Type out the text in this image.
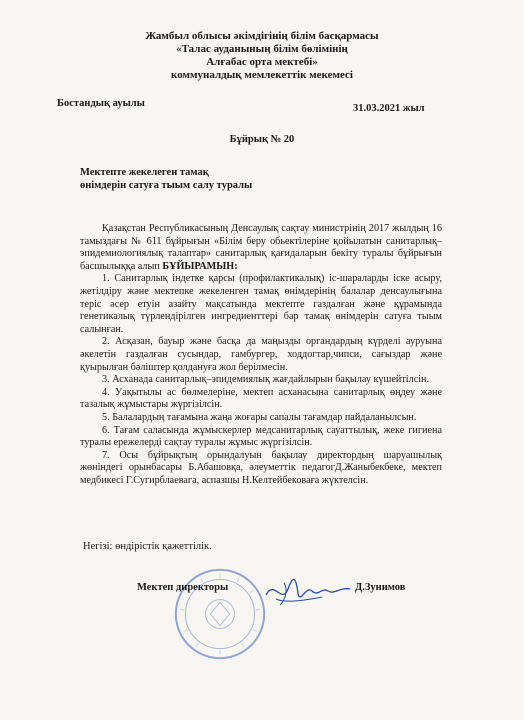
Жамбыл облысы әкімдігінің білім басқармасы
«Талас ауданының білім бөлімінің
Алғабас орта мектебі»
коммуналдық мемлекеттік мекемесі
Бостандық ауылы	31.03.2021 жыл
Бұйрық № 20
Мектепте жекелеген тамақ
өнімдерін сатуға тыым салу туралы

Қазақстан Республикасының Денсаулық сақтау министрінің 2017 жылдың 16 тамыздағы № 611 бұйрығын «Білім беру обьектілеріне қойылатын санитарлық–эпидемиологиялық талаптар» санитарлық қағидаларын бекіту туралы бұйрығын басшылыққа алып БҰЙЫРАМЫН:

1. Санитарлық індетке қарсы (профилактикалық) іс-шараларды іске асыру, жетілдіру және мектепке жекеленген тамақ өнімдерінің балалар денсаулығына теріс әсер етуін азайту мақсатында мектепте газдалған және құрамында генетикалық түрлендірілген ингредиенттері бар тамақ өнімдерін сатуға тыым салынған.

2. Асқазан, бауыр және басқа да маңызды органдардың күрделі ауруына әкелетін газдалған сусындар, гамбургер, ходдогтар,чипси, сағыздар және қуырылған бәліштер қолдануға жол берілмесін.

3. Асханада санитарлық–эпидемиялық жағдайлырын бақылау күшейтілсін.

4. Уақытылы ас бөлмелеріне, мектеп асханасына санитарлық өңдеу және тазалық жұмыстары жүргізілсін.

5. Балалардың тағамына жаңа жоғары сапалы тағамдар пайдаланылсын.

6. Тағам саласында жұмыскерлер медсанитарлық сауаттылық, жеке гигиена туралы ережелерді сақтау туралы жұмыс жүргізілсін.

7. Осы бұйрықтың орындалуын бақылау директордың шаруашылық жөніндегі орынбасары Б.Абашовқа, әлеуметтік педагогД.Жаныбекбеке, мектеп медбикесі Г.Сугирблаевага, аспазшы Н.Келтейбековаға жүктелсін.

Негізі: өндірістік қажеттілік.
Мектеп директоры	Д.Зунимов
